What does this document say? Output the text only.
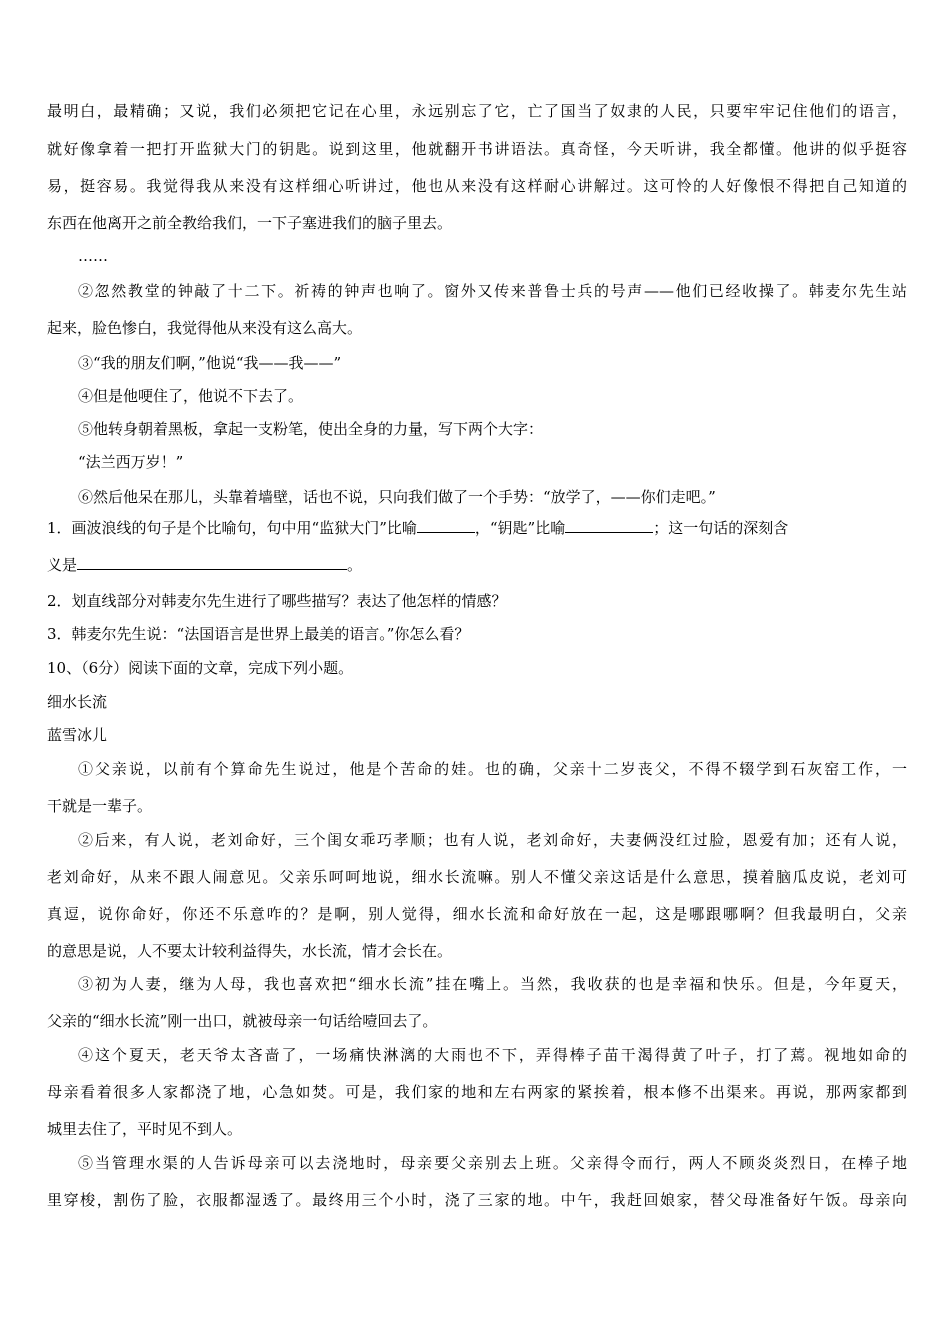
最明白，最精确；又说，我们必须把它记在心里，永远别忘了它，亡了国当了奴隶的人民，只要牢牢记住他们的语言，
就好像拿着一把打开监狱大门的钥匙。说到这里，他就翻开书讲语法。真奇怪，今天听讲，我全都懂。他讲的似乎挺容
易，挺容易。我觉得我从来没有这样细心听讲过，他也从来没有这样耐心讲解过。这可怜的人好像恨不得把自己知道的
东西在他离开之前全教给我们，一下子塞进我们的脑子里去。
……
②忽然教堂的钟敲了十二下。祈祷的钟声也响了。窗外又传来普鲁士兵的号声——他们已经收操了。韩麦尔先生站
起来，脸色惨白，我觉得他从来没有这么高大。
③“我的朋友们啊，”他说“我——我——”
④但是他哽住了，他说不下去了。
⑤他转身朝着黑板，拿起一支粉笔，使出全身的力量，写下两个大字：
“法兰西万岁！”
⑥然后他呆在那儿，头靠着墙壁，话也不说，只向我们做了一个手势：“放学了，——你们走吧。”
1．画波浪线的句子是个比喻句，句中用“监狱大门”比喻	，“钥匙”比喻	；这一句话的深刻含
义是	。
2．划直线部分对韩麦尔先生进行了哪些描写？表达了他怎样的情感？
3．韩麦尔先生说：“法国语言是世界上最美的语言。”你怎么看？
10、（6分）阅读下面的文章，完成下列小题。
细水长流
蓝雪冰儿
①父亲说，以前有个算命先生说过，他是个苦命的娃。也的确，父亲十二岁丧父，不得不辍学到石灰窑工作，一
干就是一辈子。
②后来，有人说，老刘命好，三个闺女乖巧孝顺；也有人说，老刘命好，夫妻俩没红过脸，恩爱有加；还有人说，
老刘命好，从来不跟人闹意见。父亲乐呵呵地说，细水长流嘛。别人不懂父亲这话是什么意思，摸着脑瓜皮说，老刘可
真逗，说你命好，你还不乐意咋的？是啊，别人觉得，细水长流和命好放在一起，这是哪跟哪啊？但我最明白，父亲
的意思是说，人不要太计较利益得失，水长流，情才会长在。
③初为人妻，继为人母，我也喜欢把“细水长流”挂在嘴上。当然，我收获的也是幸福和快乐。但是，今年夏天，
父亲的“细水长流”刚一出口，就被母亲一句话给噎回去了。
④这个夏天，老天爷太吝啬了，一场痛快淋漓的大雨也不下，弄得棒子苗干渴得黄了叶子，打了蔫。视地如命的
母亲看着很多人家都浇了地，心急如焚。可是，我们家的地和左右两家的紧挨着，根本修不出渠来。再说，那两家都到
城里去住了，平时见不到人。
⑤当管理水渠的人告诉母亲可以去浇地时，母亲要父亲别去上班。父亲得令而行，两人不顾炎炎烈日，在棒子地
里穿梭，割伤了脸，衣服都湿透了。最终用三个小时，浇了三家的地。中午，我赶回娘家，替父母准备好午饭。母亲向
